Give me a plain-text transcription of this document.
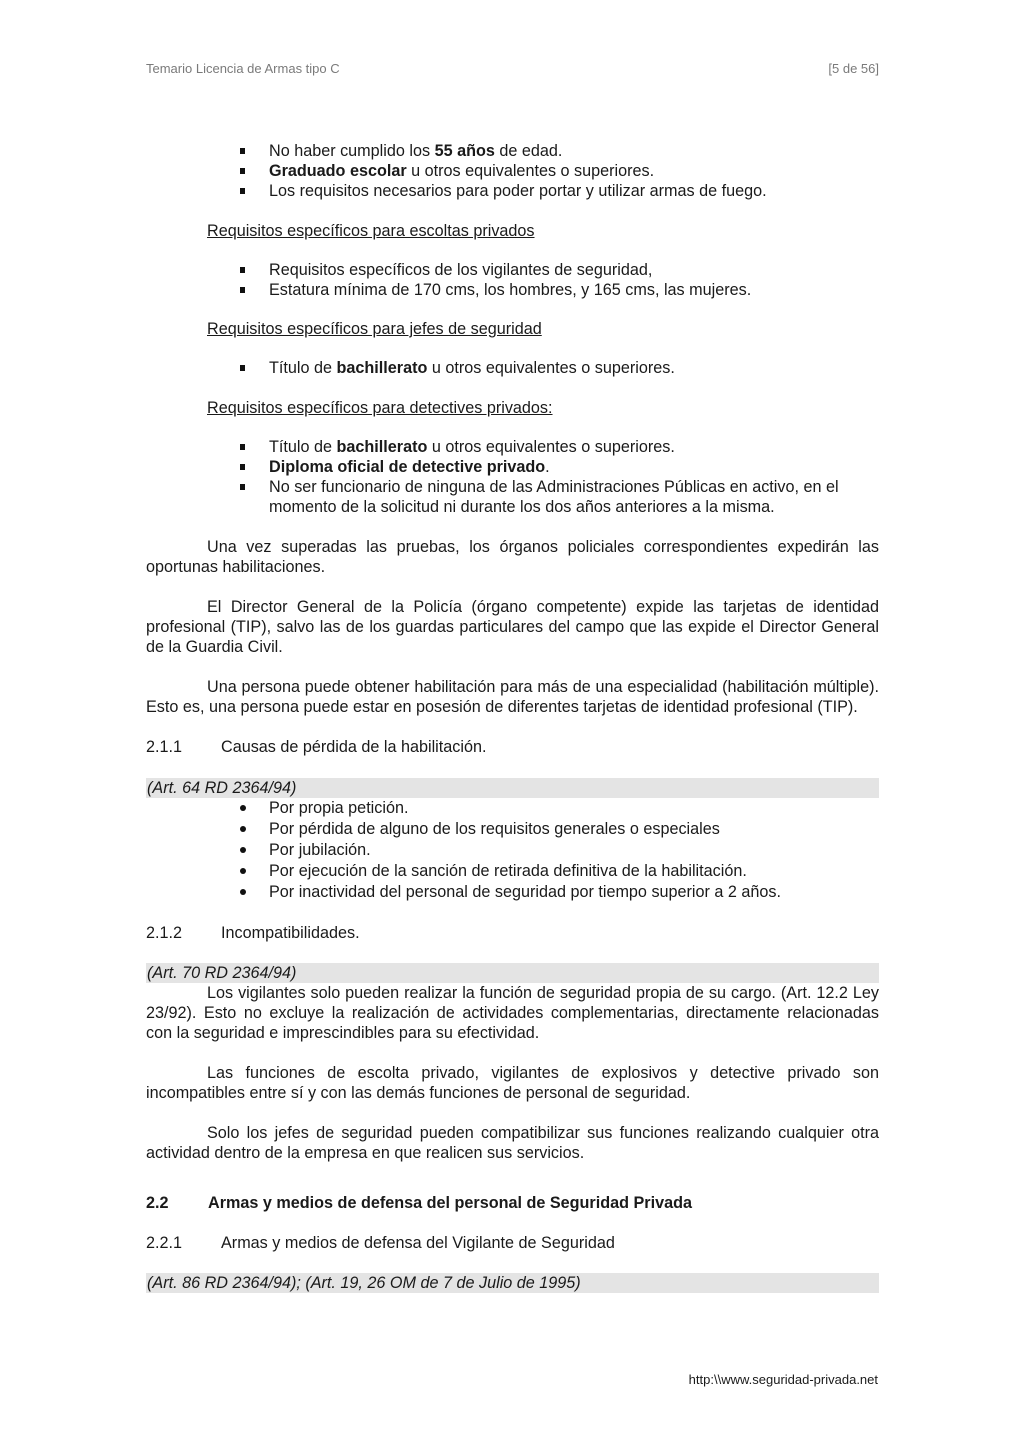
Temario Licencia de Armas tipo C	[5 de 56]
No haber cumplido los 55 años de edad.
Graduado escolar u otros equivalentes o superiores.
Los requisitos necesarios para poder portar y utilizar armas de fuego.
Requisitos específicos para escoltas privados
Requisitos específicos de los vigilantes de seguridad,
Estatura mínima de 170 cms, los hombres, y 165 cms, las mujeres.
Requisitos específicos para jefes de seguridad
Título de bachillerato u otros equivalentes o superiores.
Requisitos específicos para detectives privados:
Título de bachillerato u otros equivalentes o superiores.
Diploma oficial de detective privado.
No ser funcionario de ninguna de las Administraciones Públicas en activo, en el momento de la solicitud ni durante los dos años anteriores a la misma.

Una vez superadas las pruebas, los órganos policiales correspondientes expedirán las oportunas habilitaciones.

El Director General de la Policía (órgano competente) expide las tarjetas de identidad profesional (TIP), salvo las de los guardas particulares del campo que las expide el Director General de la Guardia Civil.

Una persona puede obtener habilitación para más de una especialidad (habilitación múltiple). Esto es, una persona puede estar en posesión de diferentes tarjetas de identidad profesional (TIP).

2.1.1	Causas de pérdida de la habilitación.
(Art. 64 RD 2364/94)
Por propia petición.
Por pérdida de alguno de los requisitos generales o especiales
Por jubilación.
Por ejecución de la sanción de retirada definitiva de la habilitación.
Por inactividad del personal de seguridad por tiempo superior a 2 años.
2.1.2	Incompatibilidades.
(Art. 70 RD 2364/94)

Los vigilantes solo pueden realizar la función de seguridad propia de su cargo. (Art. 12.2 Ley 23/92). Esto no excluye la realización de actividades complementarias, directamente relacionadas con la seguridad e imprescindibles para su efectividad.

Las funciones de escolta privado, vigilantes de explosivos y detective privado son incompatibles entre sí y con las demás funciones de personal de seguridad.

Solo los jefes de seguridad pueden compatibilizar sus funciones realizando cualquier otra actividad dentro de la empresa en que realicen sus servicios.

2.2	Armas y medios de defensa del personal de Seguridad Privada
2.2.1	Armas y medios de defensa del Vigilante de Seguridad
(Art. 86 RD 2364/94); (Art. 19, 26 OM de 7 de Julio de 1995)
http:\\www.seguridad-privada.net
